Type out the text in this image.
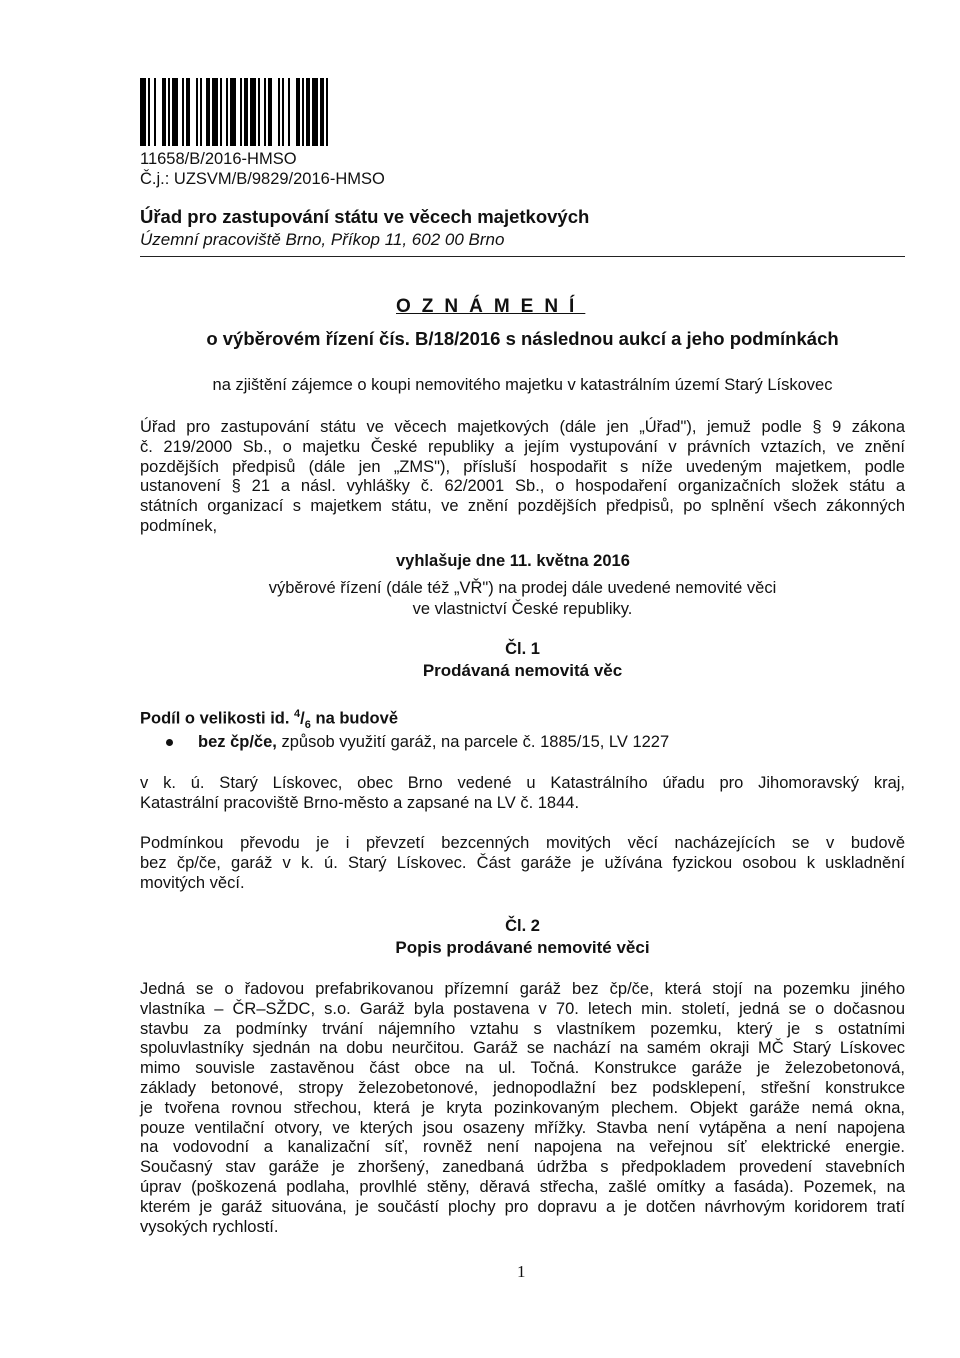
11658/B/2016-HMSO
Č.j.: UZSVM/B/9829/2016-HMSO
Úřad pro zastupování státu ve věcech majetkových
Územní pracoviště Brno, Příkop 11, 602 00 Brno
OZNÁMENÍ
o výběrovém řízení čís. B/18/2016 s následnou aukcí a jeho podmínkách
na zjištění zájemce o koupi nemovitého majetku v katastrálním území Starý Lískovec
Úřad pro zastupování státu ve věcech majetkových (dále jen „Úřad"), jemuž podle § 9 zákona
č. 219/2000 Sb., o majetku České republiky a jejím vystupování v právních vztazích, ve znění
pozdějších předpisů (dále jen „ZMS"), přísluší hospodařit s níže uvedeným majetkem, podle
ustanovení § 21 a násl. vyhlášky č. 62/2001 Sb., o hospodaření organizačních složek státu a
státních organizací s majetkem státu, ve znění pozdějších předpisů, po splnění všech zákonných
podmínek,
vyhlašuje dne 11. května 2016
výběrové řízení (dále též „VŘ") na prodej dále uvedené nemovité věci
ve vlastnictví České republiky.
Čl. 1
Prodávaná nemovitá věc
Podíl o velikosti id. $^4/_6$ na budově
bez čp/če, způsob využití garáž, na parcele č. 1885/15, LV 1227
v k. ú. Starý Lískovec, obec Brno vedené u Katastrálního úřadu pro Jihomoravský kraj,
Katastrální pracoviště Brno-město a zapsané na LV č. 1844.
Podmínkou převodu je i převzetí bezcenných movitých věcí nacházejících se v budově
bez čp/če, garáž v k. ú. Starý Lískovec. Část garáže je užívána fyzickou osobou k uskladnění
movitých věcí.
Čl. 2
Popis prodávané nemovité věci
Jedná se o řadovou prefabrikovanou přízemní garáž bez čp/če, která stojí na pozemku jiného
vlastníka – ČR–SŽDC, s.o. Garáž byla postavena v 70. letech min. století, jedná se o dočasnou
stavbu za podmínky trvání nájemního vztahu s vlastníkem pozemku, který je s ostatními
spoluvlastníky sjednán na dobu neurčitou. Garáž se nachází na samém okraji MČ Starý Lískovec
mimo souvisle zastavěnou část obce na ul. Točná. Konstrukce garáže je železobetonová,
základy betonové, stropy železobetonové, jednopodlažní bez podsklepení, střešní konstrukce
je tvořena rovnou střechou, která je kryta pozinkovaným plechem. Objekt garáže nemá okna,
pouze ventilační otvory, ve kterých jsou osazeny mřížky. Stavba není vytápěna a není napojena
na vodovodní a kanalizační síť, rovněž není napojena na veřejnou síť elektrické energie.
Současný stav garáže je zhoršený, zanedbaná údržba s předpokladem provedení stavebních
úprav (poškozená podlaha, provlhlé stěny, děravá střecha, zašlé omítky a fasáda). Pozemek, na
kterém je garáž situována, je součástí plochy pro dopravu a je dotčen návrhovým koridorem tratí
vysokých rychlostí.
1
